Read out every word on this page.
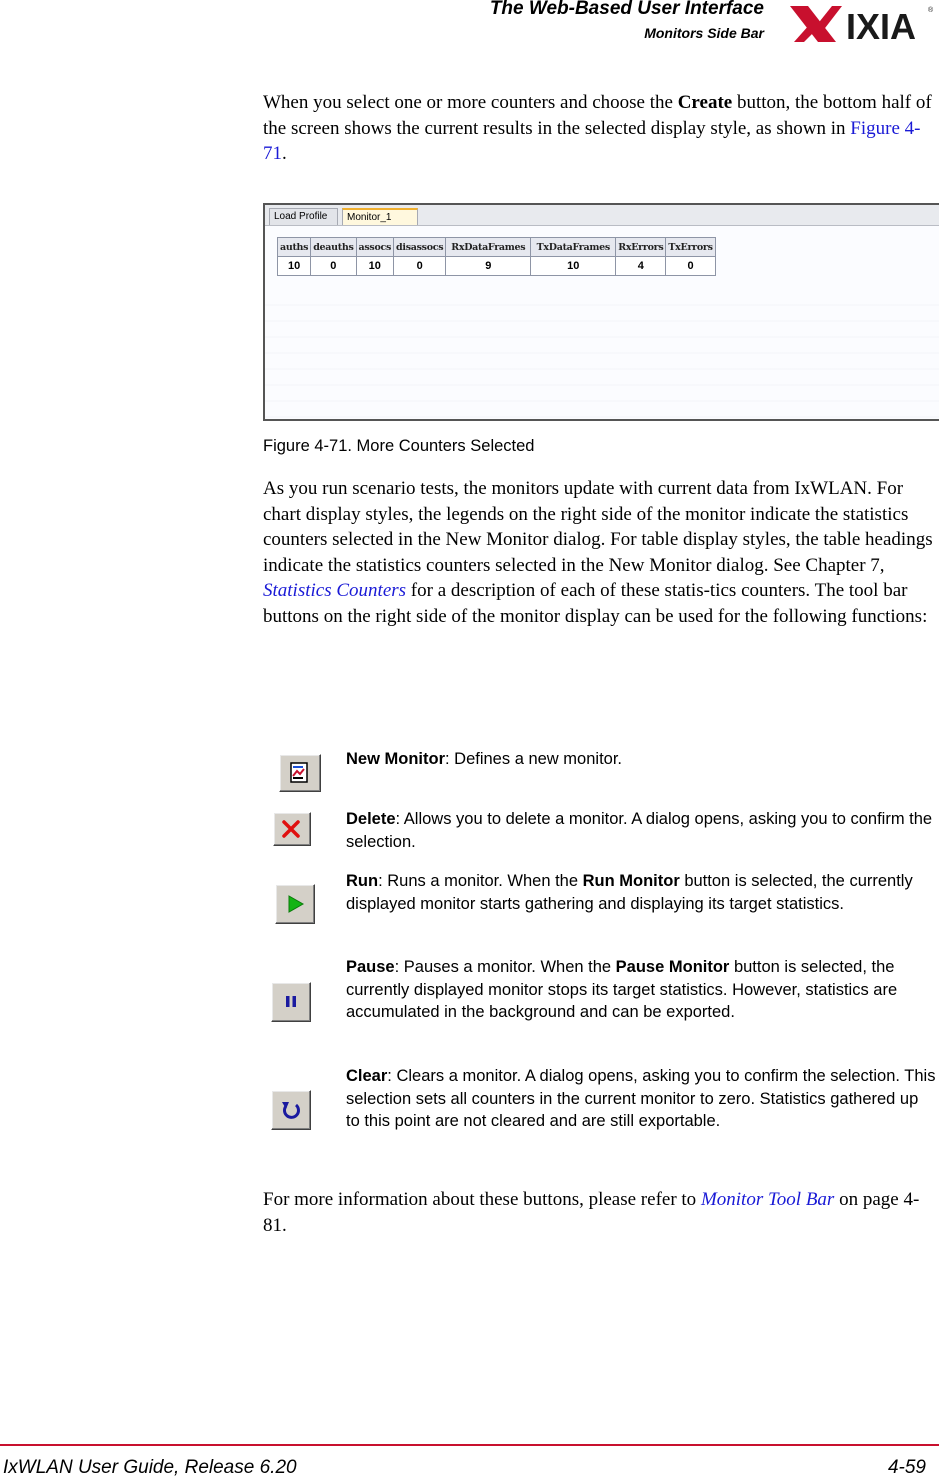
The Web-Based User Interface
Monitors Side Bar IXIA ®
When you select one or more counters and choose the Create button, the bottom half of the screen shows the current results in the selected display style, as shown in Figure 4-71.
Load Profile	Monitor_1
auths	deauths	assocs	disassocs	RxDataFrames	TxDataFrames	RxErrors	TxErrors
10	0	10	0	9	10	4	0
Figure 4-71. More Counters Selected
As you run scenario tests, the monitors update with current data from IxWLAN. For chart display styles, the legends on the right side of the monitor indicate the statistics counters selected in the New Monitor dialog. For table display styles, the table headings indicate the statistics counters selected in the New Monitor dialog. See Chapter 7, Statistics Counters for a description of each of these statis-tics counters. The tool bar buttons on the right side of the monitor display can be used for the following functions:
New Monitor: Defines a new monitor.
Delete: Allows you to delete a monitor. A dialog opens, asking you to confirm the selection.
Run: Runs a monitor. When the Run Monitor button is selected, the currently displayed monitor starts gathering and displaying its target statistics.
Pause: Pauses a monitor. When the Pause Monitor button is selected, the currently displayed monitor stops its target statistics. However, statistics are accumulated in the background and can be exported.
Clear: Clears a monitor. A dialog opens, asking you to confirm the selection. This selection sets all counters in the current monitor to zero. Statistics gathered up to this point are not cleared and are still exportable.
For more information about these buttons, please refer to Monitor Tool Bar on page 4-81.
IxWLAN User Guide, Release 6.20	4-59
